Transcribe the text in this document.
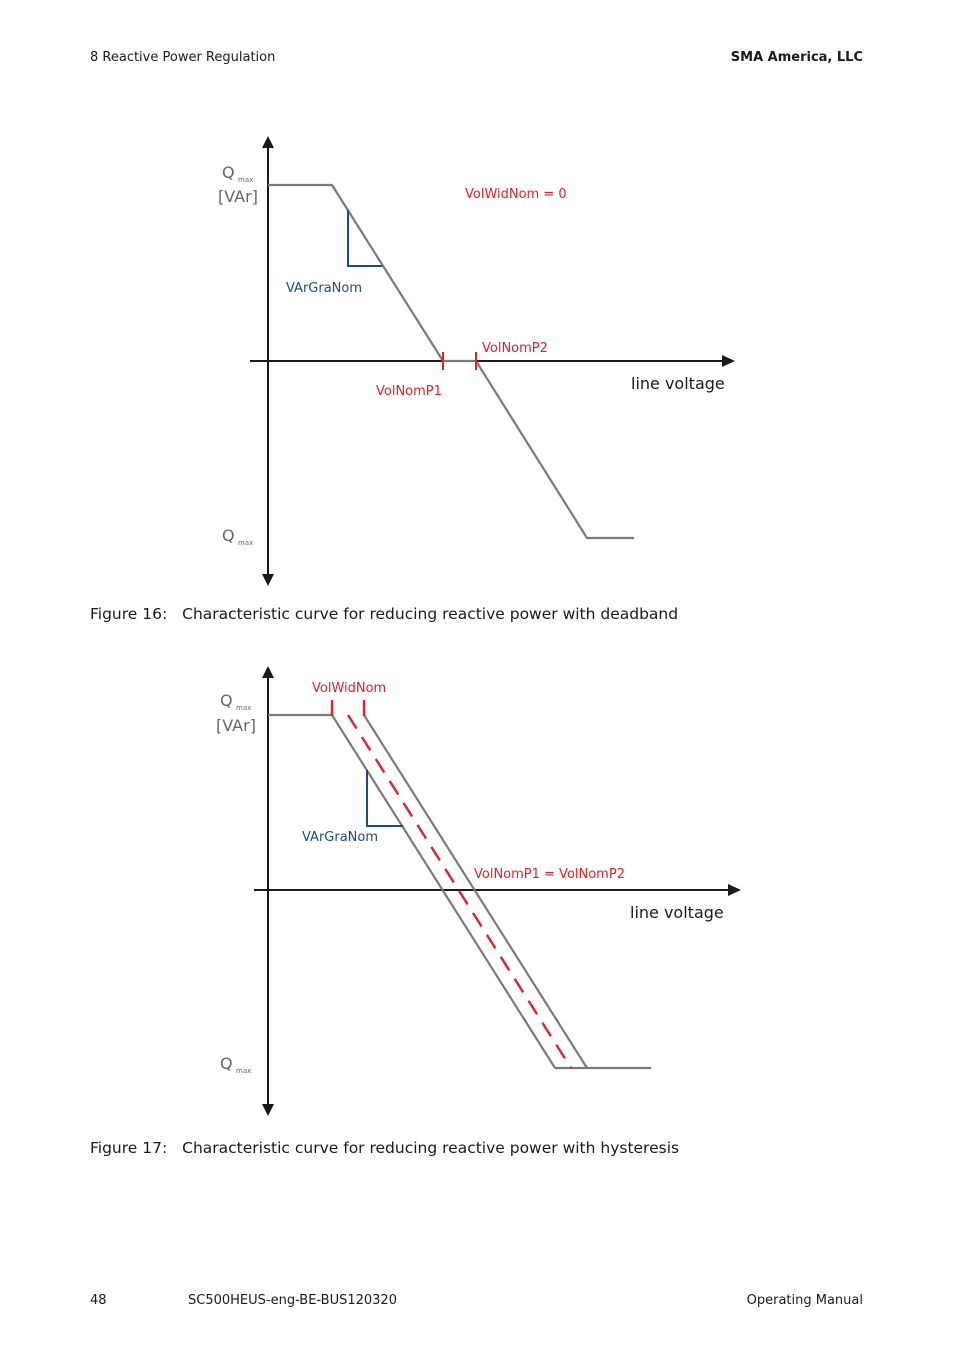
8 Reactive Power Regulation	SMA America, LLC
Q max
[VAr]
Q max
line voltage
VolWidNom = 0
VArGraNom
VolNomP1
VolNomP2
Figure 16: Characteristic curve for reducing reactive power with deadband
Q max
[VAr]
Q max
line voltage
VolWidNom
VArGraNom
VolNomP1 = VolNomP2
Figure 17: Characteristic curve for reducing reactive power with hysteresis
48	SC500HEUS-eng-BE-BUS120320	Operating Manual
